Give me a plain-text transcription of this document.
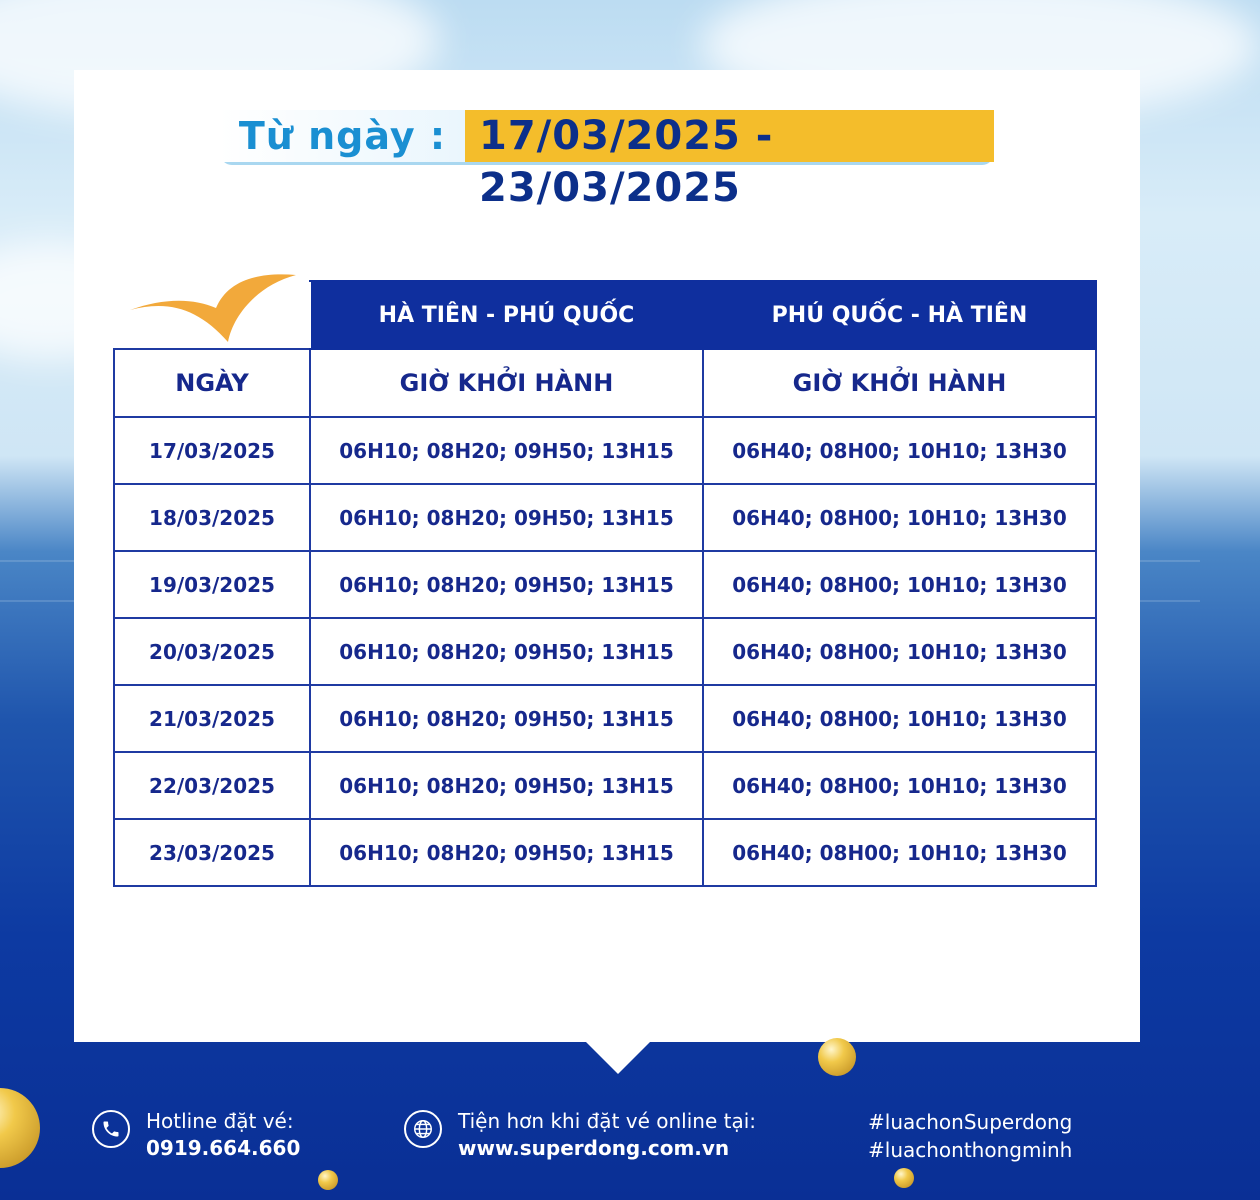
Từ ngày : 17/03/2025 - 23/03/2025
	HÀ TIÊN - PHÚ QUỐC	PHÚ QUỐC - HÀ TIÊN
NGÀY	GIỜ KHỞI HÀNH	GIỜ KHỞI HÀNH
17/03/2025	06H10; 08H20; 09H50; 13H15	06H40; 08H00; 10H10; 13H30
18/03/2025	06H10; 08H20; 09H50; 13H15	06H40; 08H00; 10H10; 13H30
19/03/2025	06H10; 08H20; 09H50; 13H15	06H40; 08H00; 10H10; 13H30
20/03/2025	06H10; 08H20; 09H50; 13H15	06H40; 08H00; 10H10; 13H30
21/03/2025	06H10; 08H20; 09H50; 13H15	06H40; 08H00; 10H10; 13H30
22/03/2025	06H10; 08H20; 09H50; 13H15	06H40; 08H00; 10H10; 13H30
23/03/2025	06H10; 08H20; 09H50; 13H15	06H40; 08H00; 10H10; 13H30
Hotline đặt vé:
0919.664.660
Tiện hơn khi đặt vé online tại:
www.superdong.com.vn
#luachonSuperdong
#luachonthongminh
